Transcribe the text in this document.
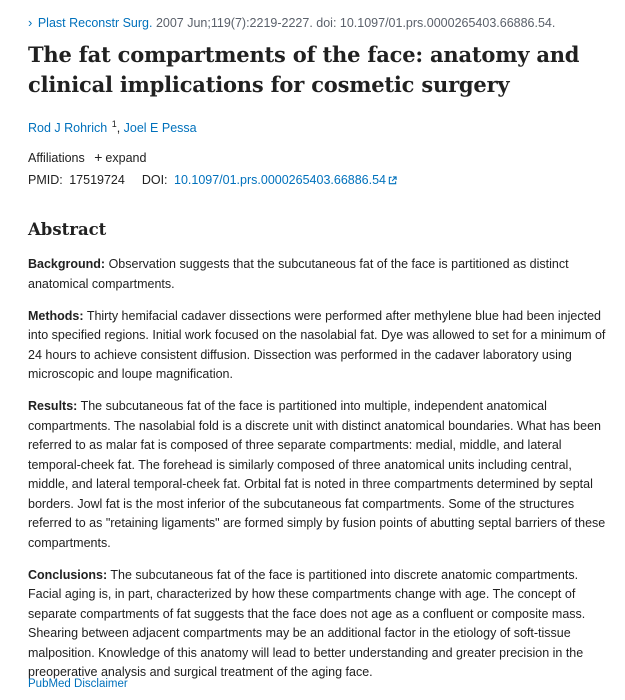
› Plast Reconstr Surg. 2007 Jun;119(7):2219-2227. doi: 10.1097/01.prs.0000265403.66886.54.
The fat compartments of the face: anatomy and clinical implications for cosmetic surgery
Rod J Rohrich $^1$, Joel E Pessa
Affiliations + expand
PMID: 17519724 DOI: 10.1097/01.prs.0000265403.66886.54
Abstract

Background: Observation suggests that the subcutaneous fat of the face is partitioned as distinct anatomical compartments.

Methods: Thirty hemifacial cadaver dissections were performed after methylene blue had been injected into specified regions. Initial work focused on the nasolabial fat. Dye was allowed to set for a minimum of 24 hours to achieve consistent diffusion. Dissection was performed in the cadaver laboratory using microscopic and loupe magnification.

Results: The subcutaneous fat of the face is partitioned into multiple, independent anatomical compartments. The nasolabial fold is a discrete unit with distinct anatomical boundaries. What has been referred to as malar fat is composed of three separate compartments: medial, middle, and lateral temporal-cheek fat. The forehead is similarly composed of three anatomical units including central, middle, and lateral temporal-cheek fat. Orbital fat is noted in three compartments determined by septal borders. Jowl fat is the most inferior of the subcutaneous fat compartments. Some of the structures referred to as "retaining ligaments" are formed simply by fusion points of abutting septal barriers of these compartments.

Conclusions: The subcutaneous fat of the face is partitioned into discrete anatomic compartments. Facial aging is, in part, characterized by how these compartments change with age. The concept of separate compartments of fat suggests that the face does not age as a confluent or composite mass. Shearing between adjacent compartments may be an additional factor in the etiology of soft-tissue malposition. Knowledge of this anatomy will lead to better understanding and greater precision in the preoperative analysis and surgical treatment of the aging face.

PubMed Disclaimer
